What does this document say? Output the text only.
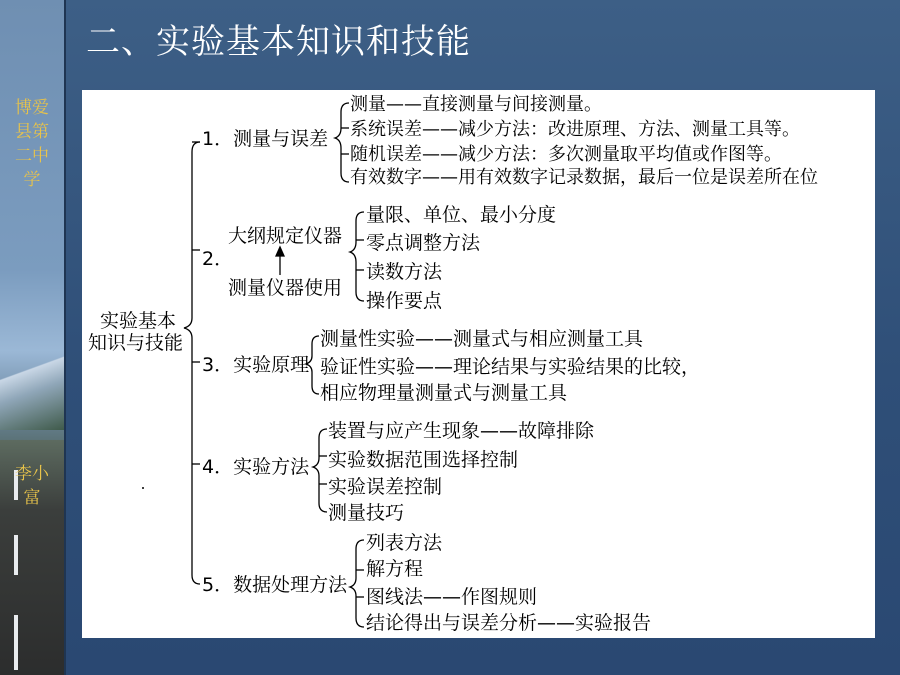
博爱县第二中学
李小富
二、实验基本知识和技能
实验基本
知识与技能
1．测量与误差
测量——直接测量与间接测量。
系统误差——减少方法：改进原理、方法、测量工具等。
随机误差——减少方法：多次测量取平均值或作图等。
有效数字——用有效数字记录数据，最后一位是误差所在位
2．
大纲规定仪器
测量仪器使用
量限、单位、最小分度
零点调整方法
读数方法
操作要点
3．实验原理
测量性实验——测量式与相应测量工具
验证性实验——理论结果与实验结果的比较，
相应物理量测量式与测量工具
4．实验方法
装置与应产生现象——故障排除
实验数据范围选择控制
实验误差控制
测量技巧
5．数据处理方法
列表方法
解方程
图线法——作图规则
结论得出与误差分析——实验报告
